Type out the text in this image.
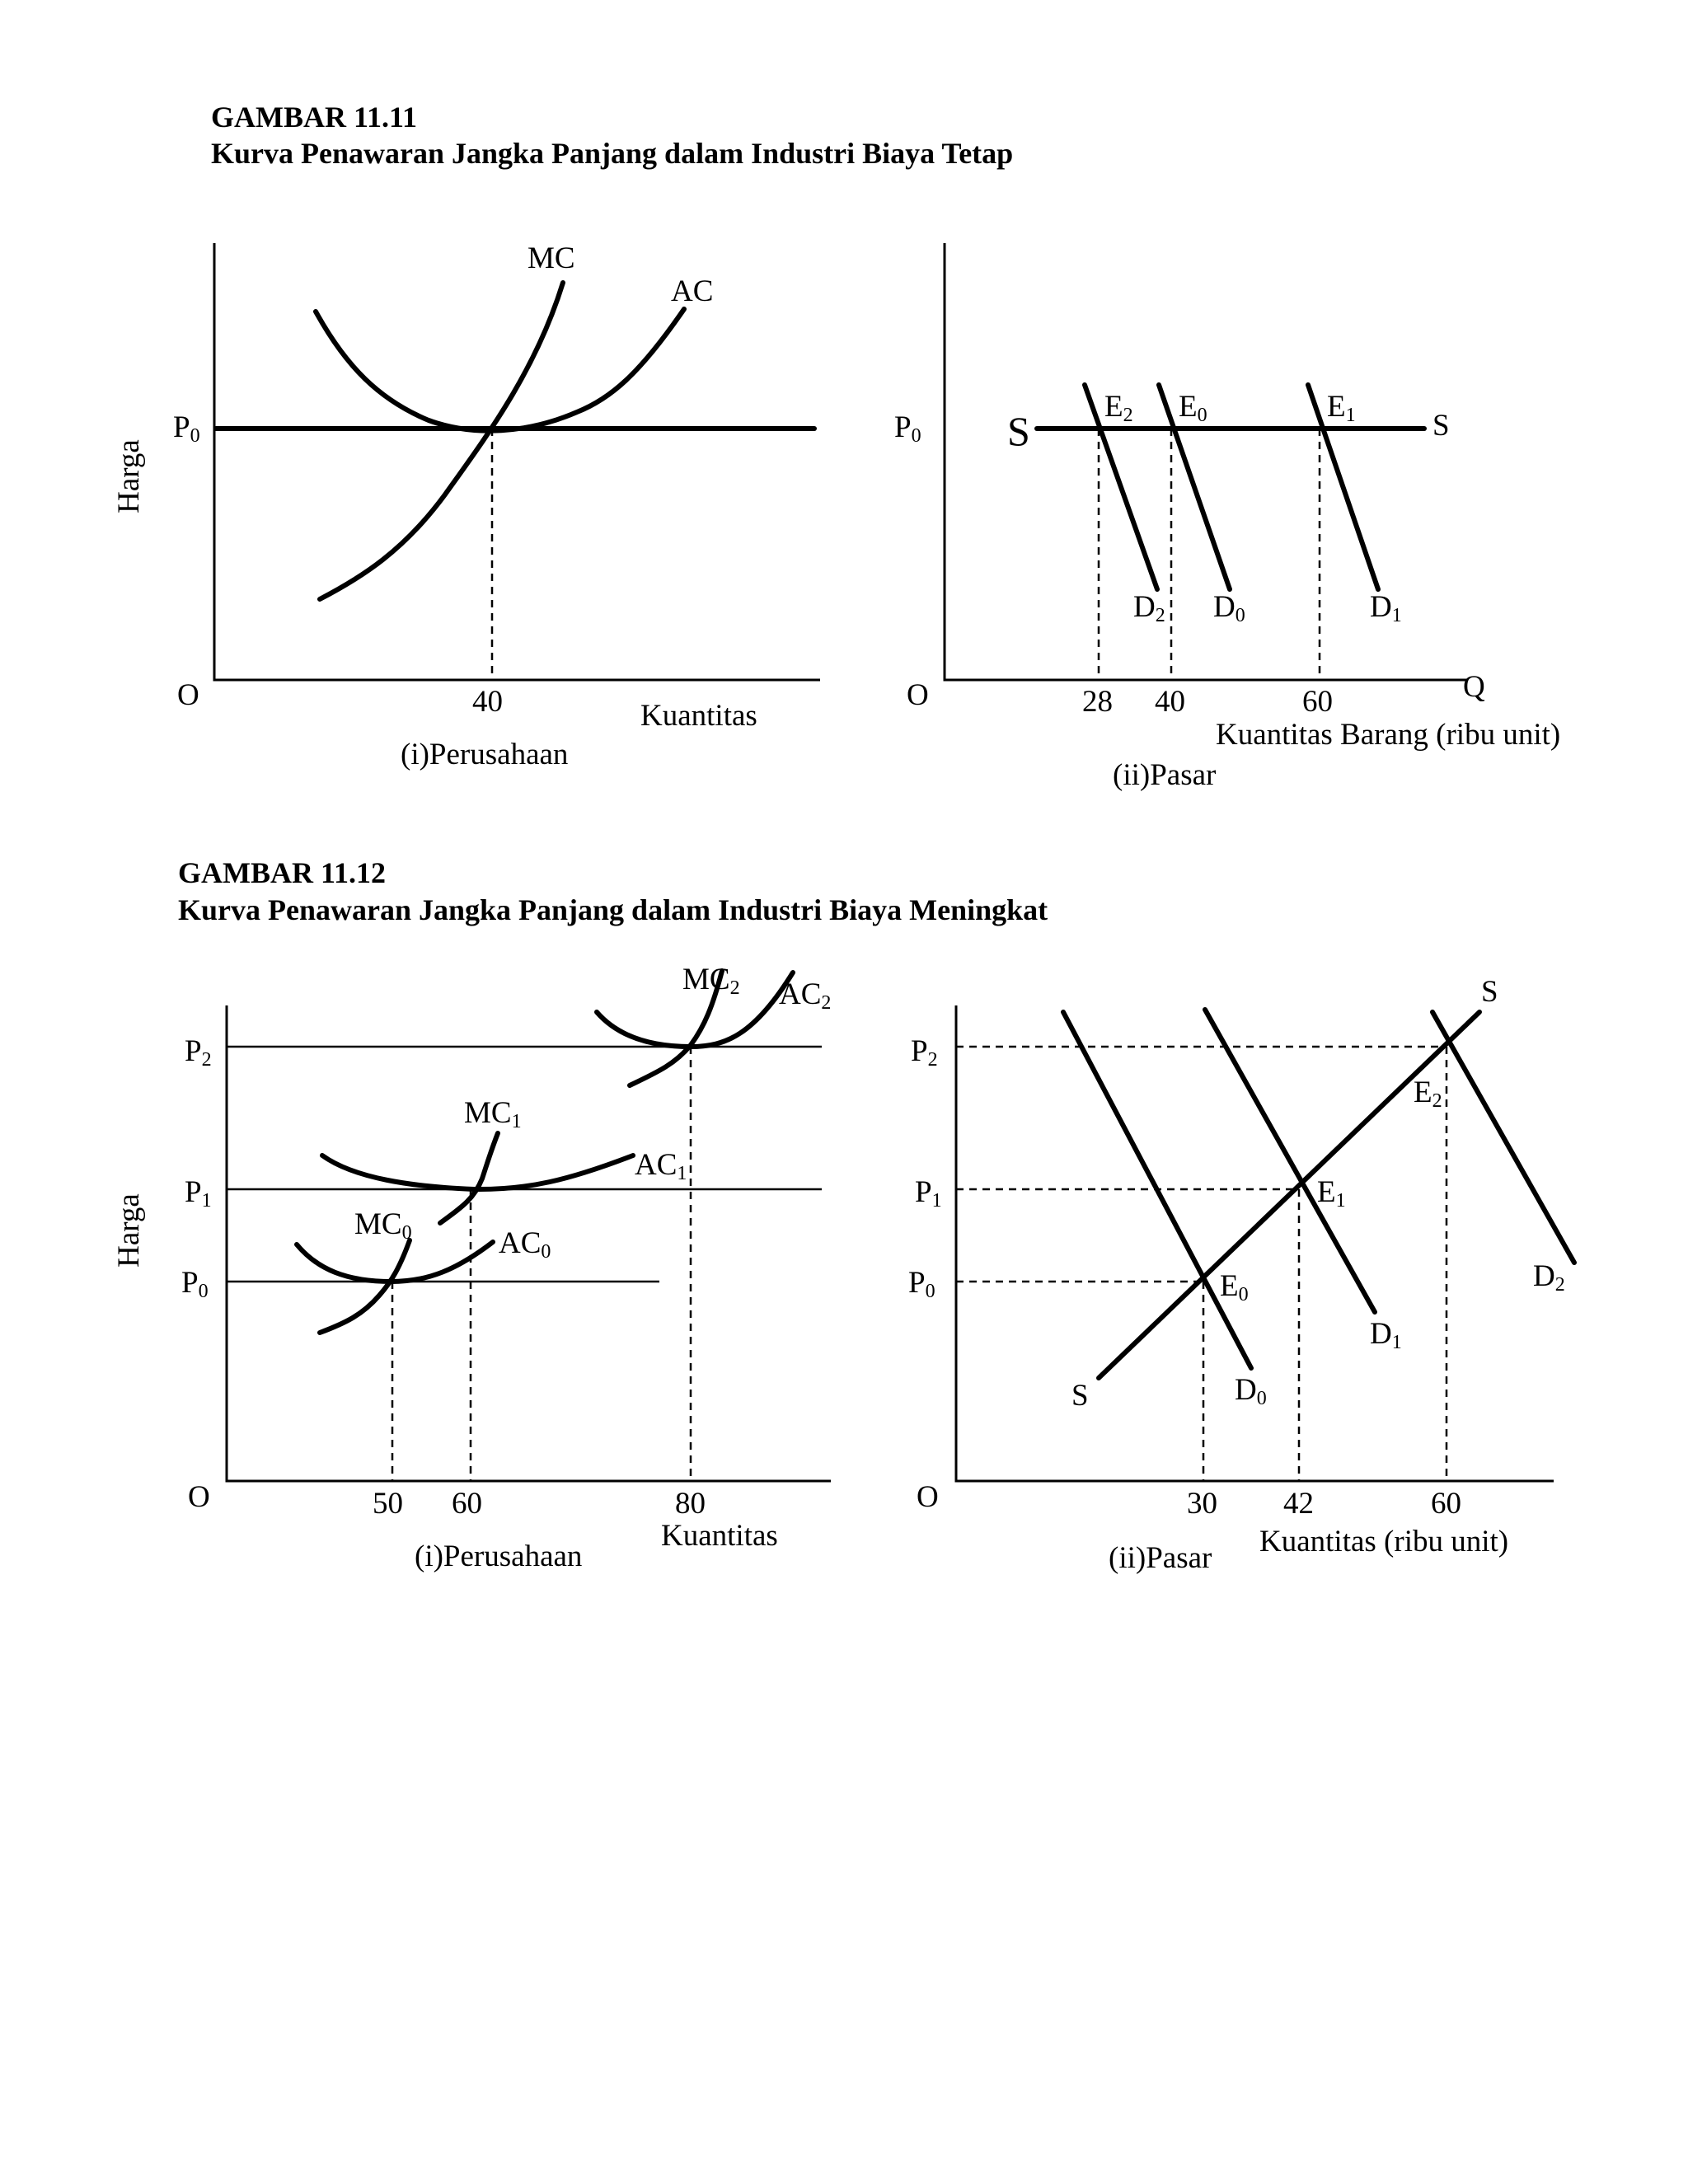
GAMBAR 11.11
Kurva Penawaran Jangka Panjang dalam Industri Biaya Tetap
GAMBAR 11.12
Kurva Penawaran Jangka Panjang dalam Industri Biaya Meningkat
Harga
O
P0
MC
AC
40	Kuantitas
(i)Perusahaan
O
P0 S	S
E2 E0	E1
D2 D0	D1
28 40	60	Q
Kuantitas Barang (ribu unit)
(ii)Pasar
Harga
O
P2
P1
P0
MC2 AC2
MC1
AC1
MC0	AC0
50 60	80
Kuantitas
(i)Perusahaan
O
P2
P1
P0
S
S
E2
E1
E0
D2
D1
D0
30 42	60
Kuantitas (ribu unit)
(ii)Pasar
